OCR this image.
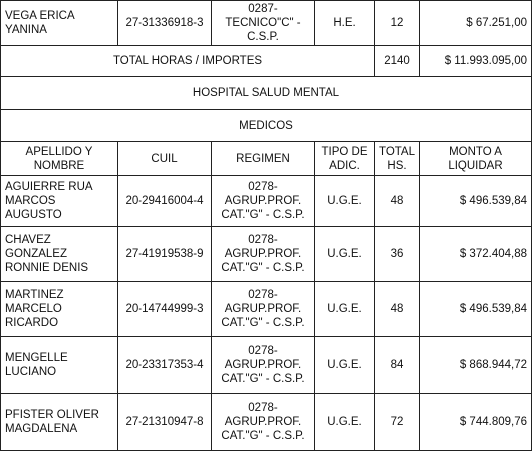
VEGA ERICA YANINA	27-31336918-3	0287-TECNICO"C" -C.S.P.	H.E.	12	$ 67.251,00
TOTAL HORAS / IMPORTES				2140	$ 11.993.095,00
HOSPITAL SALUD MENTAL					
MEDICOS					
APELLIDO Y NOMBRE	CUIL	REGIMEN	TIPO DE ADIC.	TOTAL HS.	MONTO A LIQUIDAR
AGUIERRE RUA MARCOS AUGUSTO	20-29416004-4	0278-AGRUP.PROF. CAT."G" - C.S.P.	U.G.E.	48	$ 496.539,84
CHAVEZ GONZALEZ RONNIE DENIS	27-41919538-9	0278-AGRUP.PROF. CAT."G" - C.S.P.	U.G.E.	36	$ 372.404,88
MARTINEZ MARCELO RICARDO	20-14744999-3	0278-AGRUP.PROF. CAT."G" - C.S.P.	U.G.E.	48	$ 496.539,84
MENGELLE LUCIANO	20-23317353-4	0278-AGRUP.PROF. CAT."G" - C.S.P.	U.G.E.	84	$ 868.944,72
PFISTER OLIVER MAGDALENA	27-21310947-8	0278-AGRUP.PROF. CAT."G" - C.S.P.	U.G.E.	72	$ 744.809,76
